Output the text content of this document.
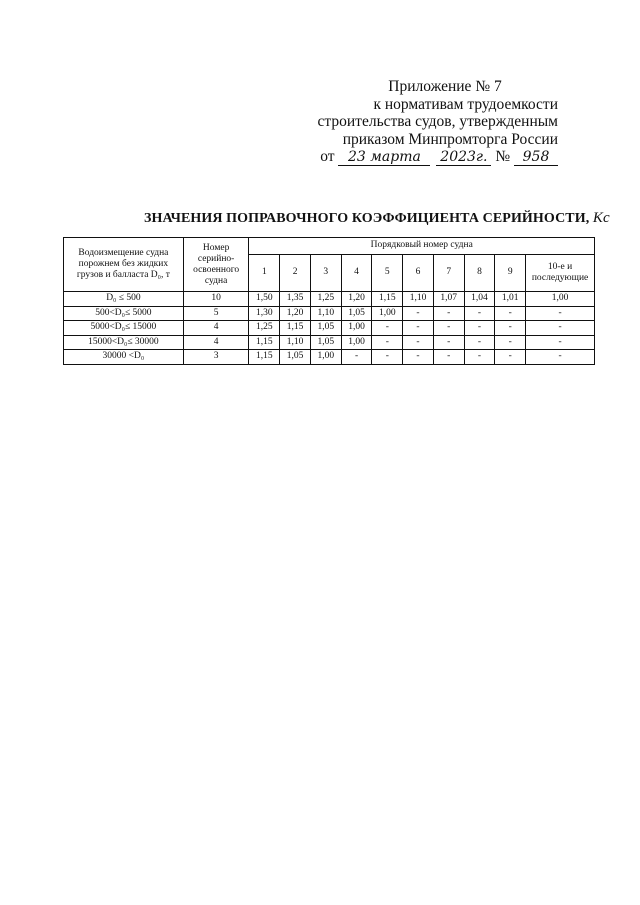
Приложение № 7
к нормативам трудоемкости
строительства судов, утвержденным
приказом Минпромторга России
от 23 марта 2023г. № 958
ЗНАЧЕНИЯ ПОПРАВОЧНОГО КОЭФФИЦИЕНТА СЕРИЙНОСТИ, Kс
Водоизмещение судна порожнем без жидких грузов и балласта D₀, т	Номер серийно-освоенного судна	Порядковый номер судна									
		1	2	3	4	5	6	7	8	9	10-е и последующие
D₀ ≤ 500	10	1,50	1,35	1,25	1,20	1,15	1,10	1,07	1,04	1,01	1,00
500<D₀≤ 5000	5	1,30	1,20	1,10	1,05	1,00	-	-	-	-	-
5000<D₀≤ 15000	4	1,25	1,15	1,05	1,00	-	-	-	-	-	-
15000<D₀≤ 30000	4	1,15	1,10	1,05	1,00	-	-	-	-	-	-
30000 <D₀	3	1,15	1,05	1,00	-	-	-	-	-	-	-
